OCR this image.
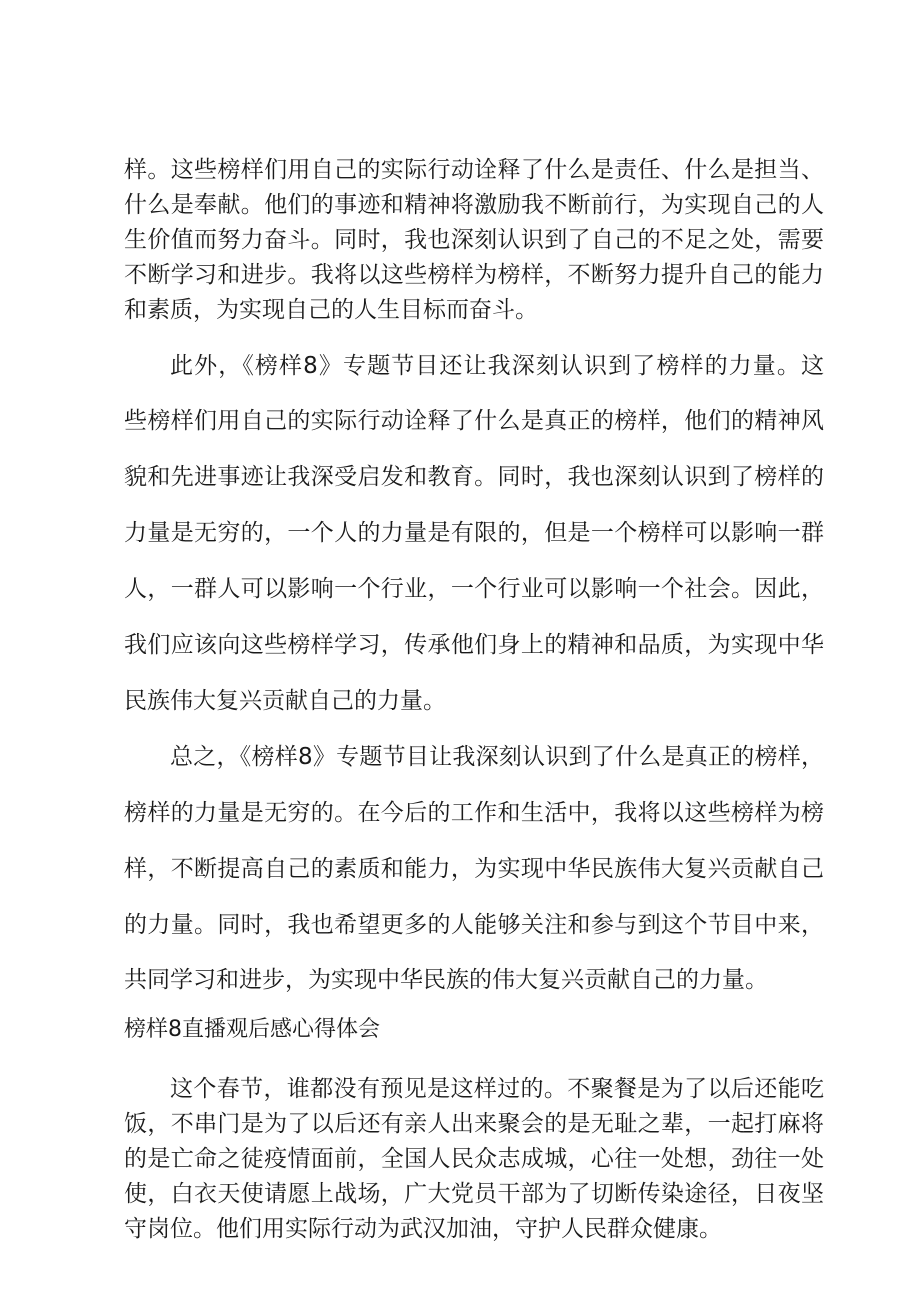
样。这些榜样们用自己的实际行动诠释了什么是责任、什么是担当、
什么是奉献。他们的事迹和精神将激励我不断前行，为实现自己的人
生价值而努力奋斗。同时，我也深刻认识到了自己的不足之处，需要
不断学习和进步。我将以这些榜样为榜样，不断努力提升自己的能力
和素质，为实现自己的人生目标而奋斗。
此外，《榜样8》专题节目还让我深刻认识到了榜样的力量。这
些榜样们用自己的实际行动诠释了什么是真正的榜样，他们的精神风
貌和先进事迹让我深受启发和教育。同时，我也深刻认识到了榜样的
力量是无穷的，一个人的力量是有限的，但是一个榜样可以影响一群
人，一群人可以影响一个行业，一个行业可以影响一个社会。因此，
我们应该向这些榜样学习，传承他们身上的精神和品质，为实现中华
民族伟大复兴贡献自己的力量。
总之，《榜样8》专题节目让我深刻认识到了什么是真正的榜样，
榜样的力量是无穷的。在今后的工作和生活中，我将以这些榜样为榜
样，不断提高自己的素质和能力，为实现中华民族伟大复兴贡献自己
的力量。同时，我也希望更多的人能够关注和参与到这个节目中来，
共同学习和进步，为实现中华民族的伟大复兴贡献自己的力量。
榜样8直播观后感心得体会
这个春节，谁都没有预见是这样过的。不聚餐是为了以后还能吃
饭，不串门是为了以后还有亲人出来聚会的是无耻之辈，一起打麻将
的是亡命之徒疫情面前，全国人民众志成城，心往一处想，劲往一处
使，白衣天使请愿上战场，广大党员干部为了切断传染途径，日夜坚
守岗位。他们用实际行动为武汉加油，守护人民群众健康。
